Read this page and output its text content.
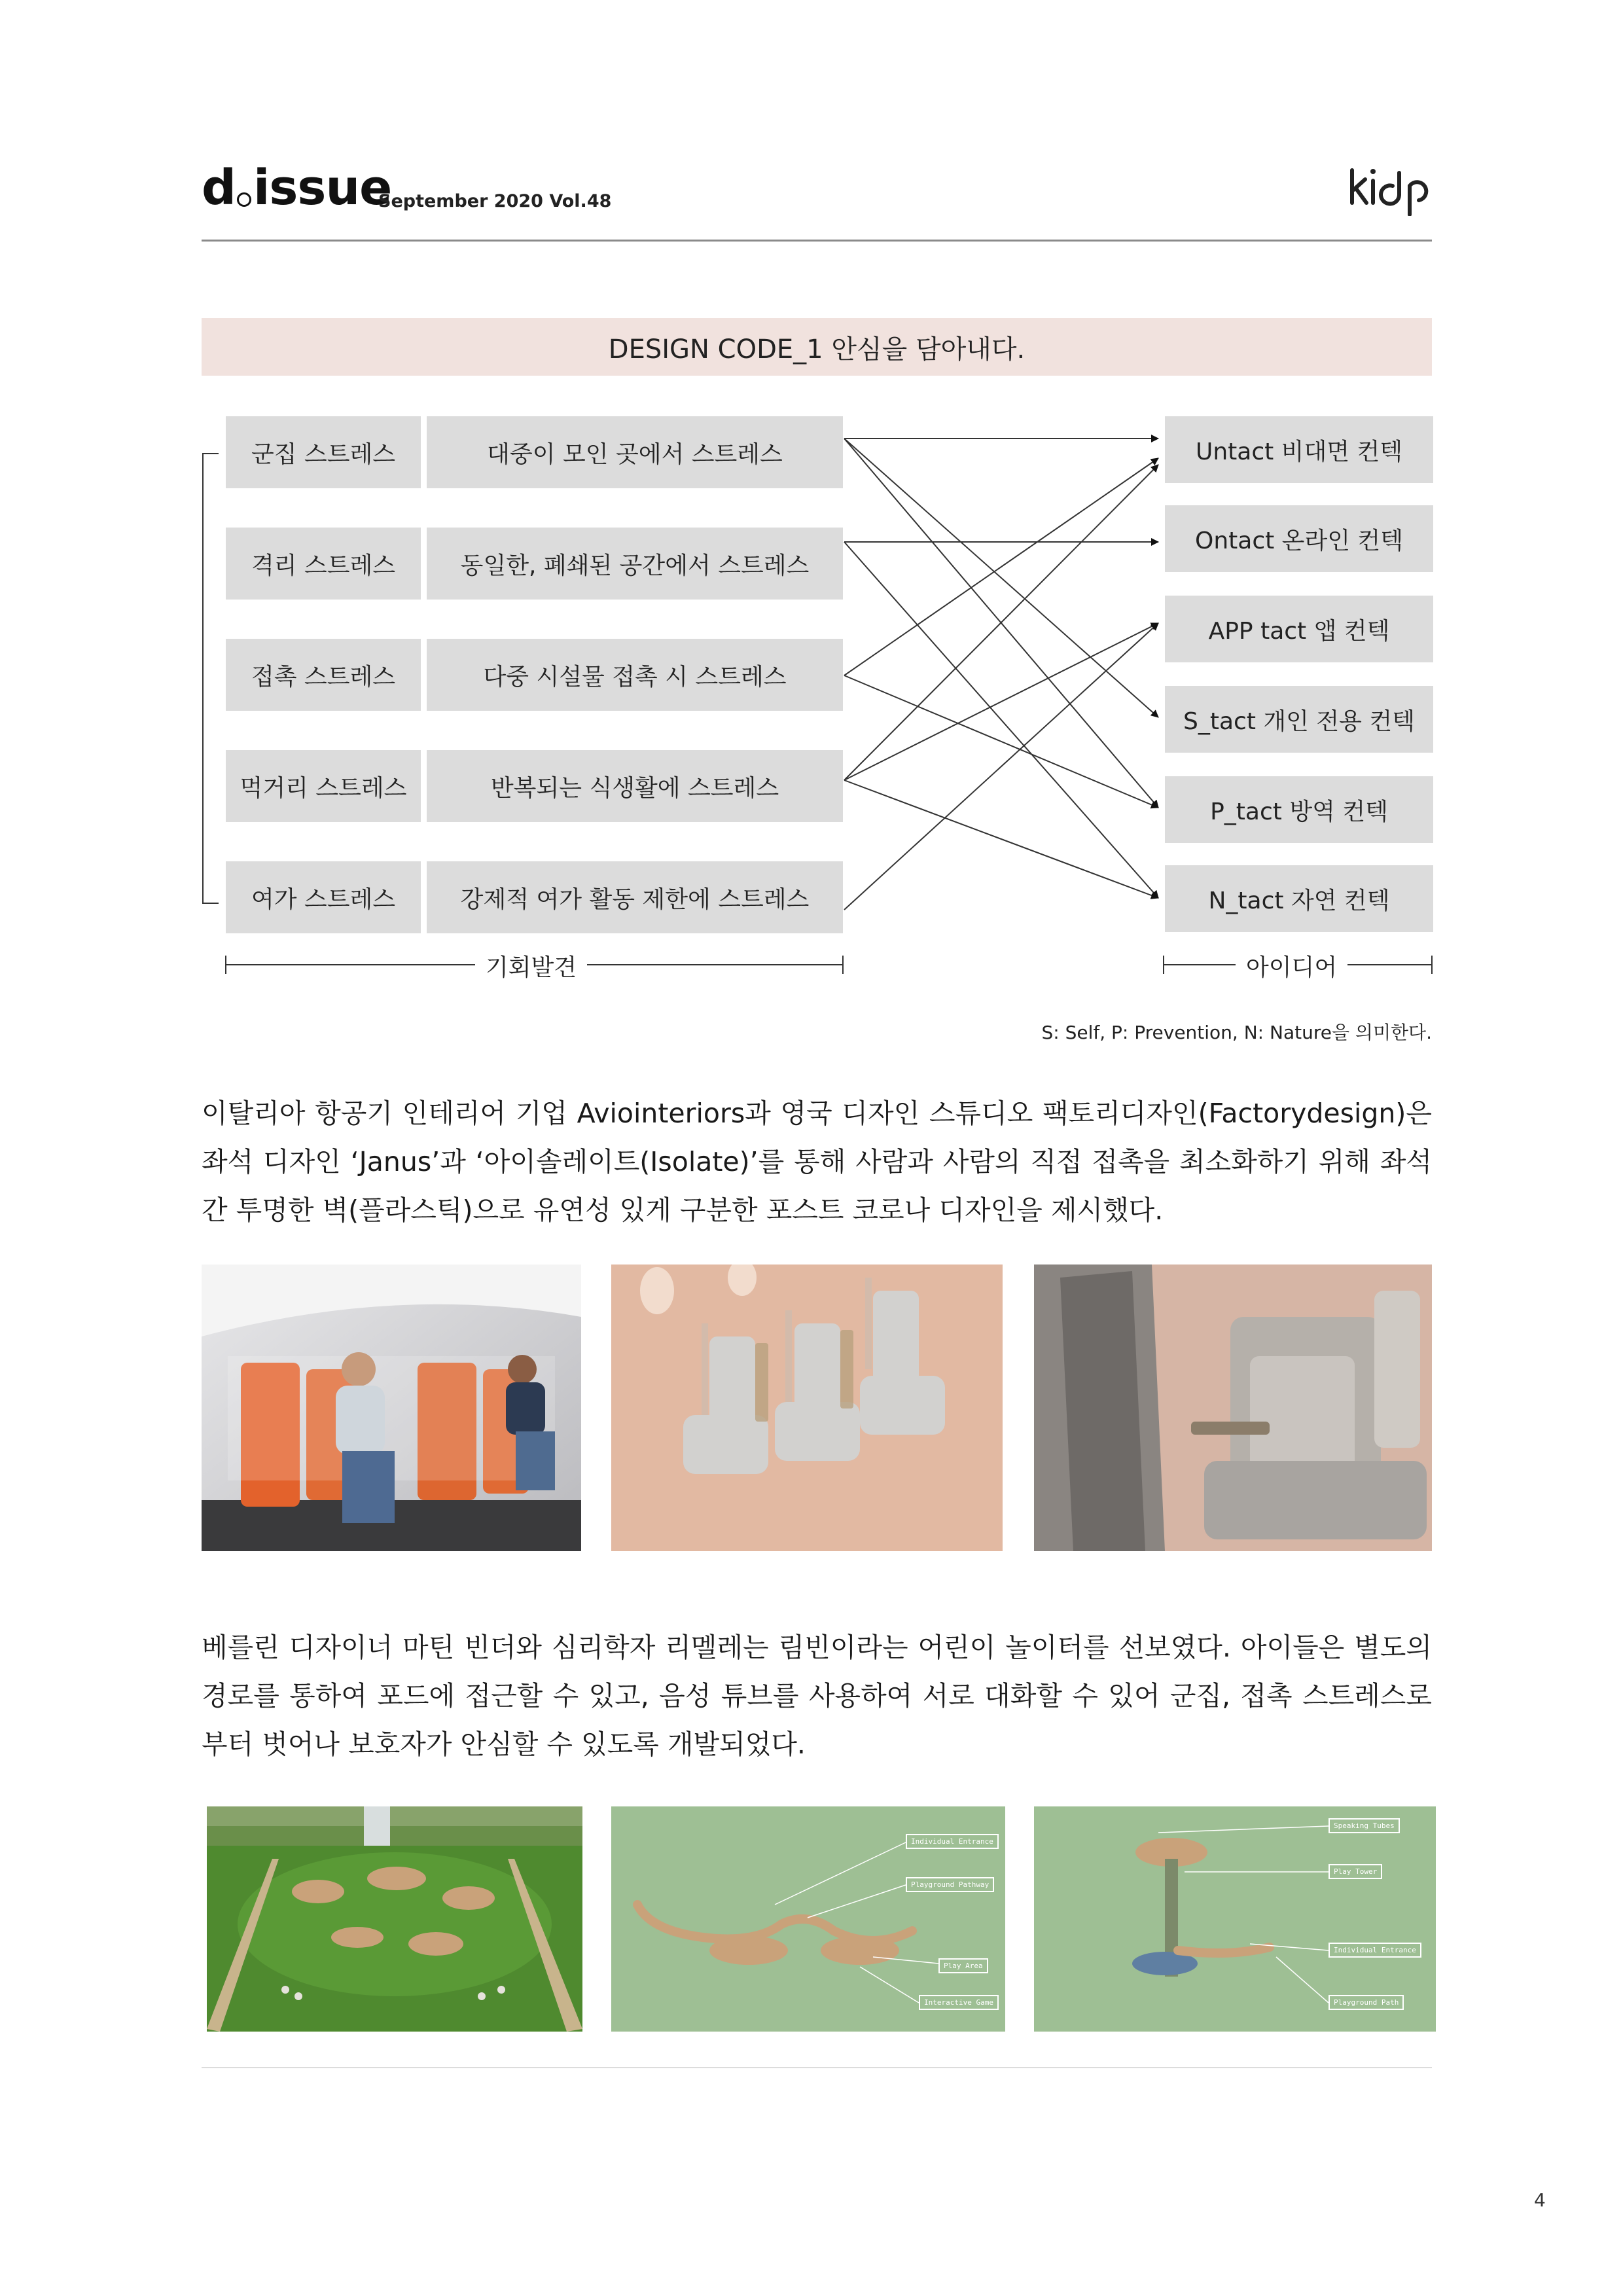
d issue
September 2020 Vol.48
DESIGN CODE_1 안심을 담아내다.
군집 스트레스
격리 스트레스
접촉 스트레스
먹거리 스트레스
여가 스트레스
대중이 모인 곳에서 스트레스
동일한, 폐쇄된 공간에서 스트레스
다중 시설물 접촉 시 스트레스
반복되는 식생활에 스트레스
강제적 여가 활동 제한에 스트레스
Untact 비대면 컨텍
Ontact 온라인 컨텍
APP tact 앱 컨텍
S_tact 개인 전용 컨텍
P_tact 방역 컨텍
N_tact 자연 컨텍
기회발견	아이디어
S: Self, P: Prevention, N: Nature을 의미한다.
이탈리아 항공기 인테리어 기업 Aviointeriors과 영국 디자인 스튜디오 팩토리디자인(Factorydesign)은 좌석 디자인 ‘Janus’과 ‘아이솔레이트(Isolate)’를 통해 사람과 사람의 직접 접촉을 최소화하기 위해 좌석 간 투명한 벽(플라스틱)으로 유연성 있게 구분한 포스트 코로나 디자인을 제시했다.
베를린 디자이너 마틴 빈더와 심리학자 리멜레는 림빈이라는 어린이 놀이터를 선보였다. 아이들은 별도의 경로를 통하여 포드에 접근할 수 있고, 음성 튜브를 사용하여 서로 대화할 수 있어 군집, 접촉 스트레스로부터 벗어나 보호자가 안심할 수 있도록 개발되었다.
Individual Entrance
Playground Pathway
Play Area
Interactive Game
Speaking Tubes
Play Tower
Individual Entrance
Playground Path
4
